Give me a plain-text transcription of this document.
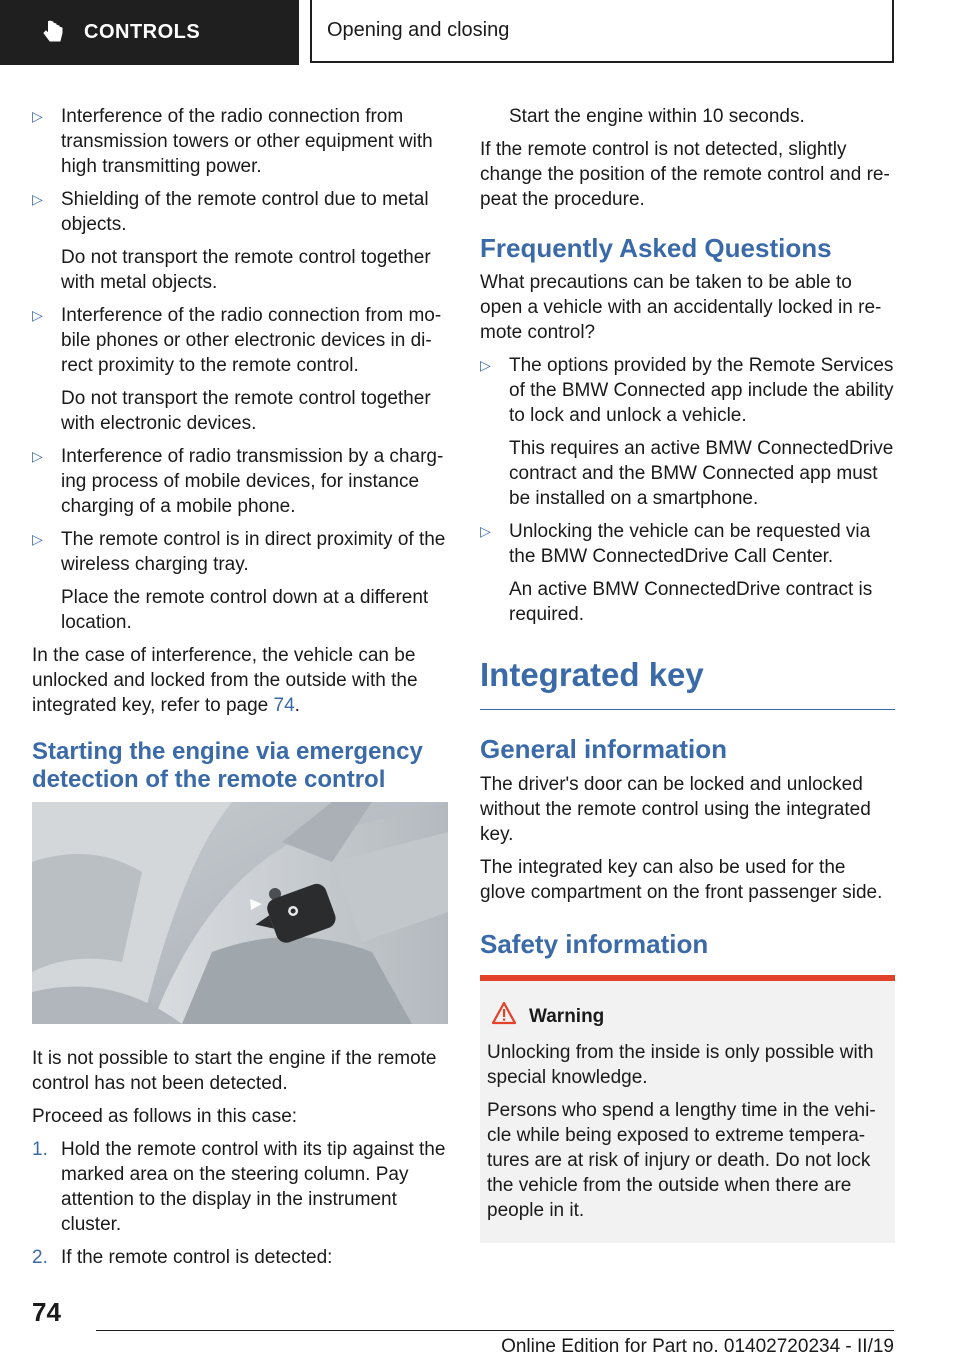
CONTROLS	Opening and closing
▷ Interference of the radio connection from transmission towers or other equipment with high transmitting power.

▷ Shielding of the remote control due to metal objects.

Do not transport the remote control together with metal objects.

▷ Interference of the radio connection from mobile phones or other electronic devices in direct proximity to the remote control.

Do not transport the remote control together with electronic devices.

▷ Interference of radio transmission by a charging process of mobile devices, for instance charging of a mobile phone.

▷ The remote control is in direct proximity of the wireless charging tray.

Place the remote control down at a different location.

In the case of interference, the vehicle can be unlocked and locked from the outside with the integrated key, refer to page 74.

Starting the engine via emergency detection of the remote control

It is not possible to start the engine if the remote control has not been detected.

Proceed as follows in this case:

1. Hold the remote control with its tip against the marked area on the steering column. Pay attention to the display in the instrument cluster.
2. If the remote control is detected:

Start the engine within 10 seconds.

If the remote control is not detected, slightly change the position of the remote control and repeat the procedure.

Frequently Asked Questions

What precautions can be taken to be able to open a vehicle with an accidentally locked in remote control?

▷ The options provided by the Remote Services of the BMW Connected app include the ability to lock and unlock a vehicle.

This requires an active BMW ConnectedDrive contract and the BMW Connected app must be installed on a smartphone.

▷ Unlocking the vehicle can be requested via the BMW ConnectedDrive Call Center.

An active BMW ConnectedDrive contract is required.

Integrated key
General information

The driver's door can be locked and unlocked without the remote control using the integrated key.

The integrated key can also be used for the glove compartment on the front passenger side.

Safety information
Warning

Unlocking from the inside is only possible with special knowledge.

Persons who spend a lengthy time in the vehicle while being exposed to extreme temperatures are at risk of injury or death. Do not lock the vehicle from the outside when there are people in it.

74
Online Edition for Part no. 01402720234 - II/19
